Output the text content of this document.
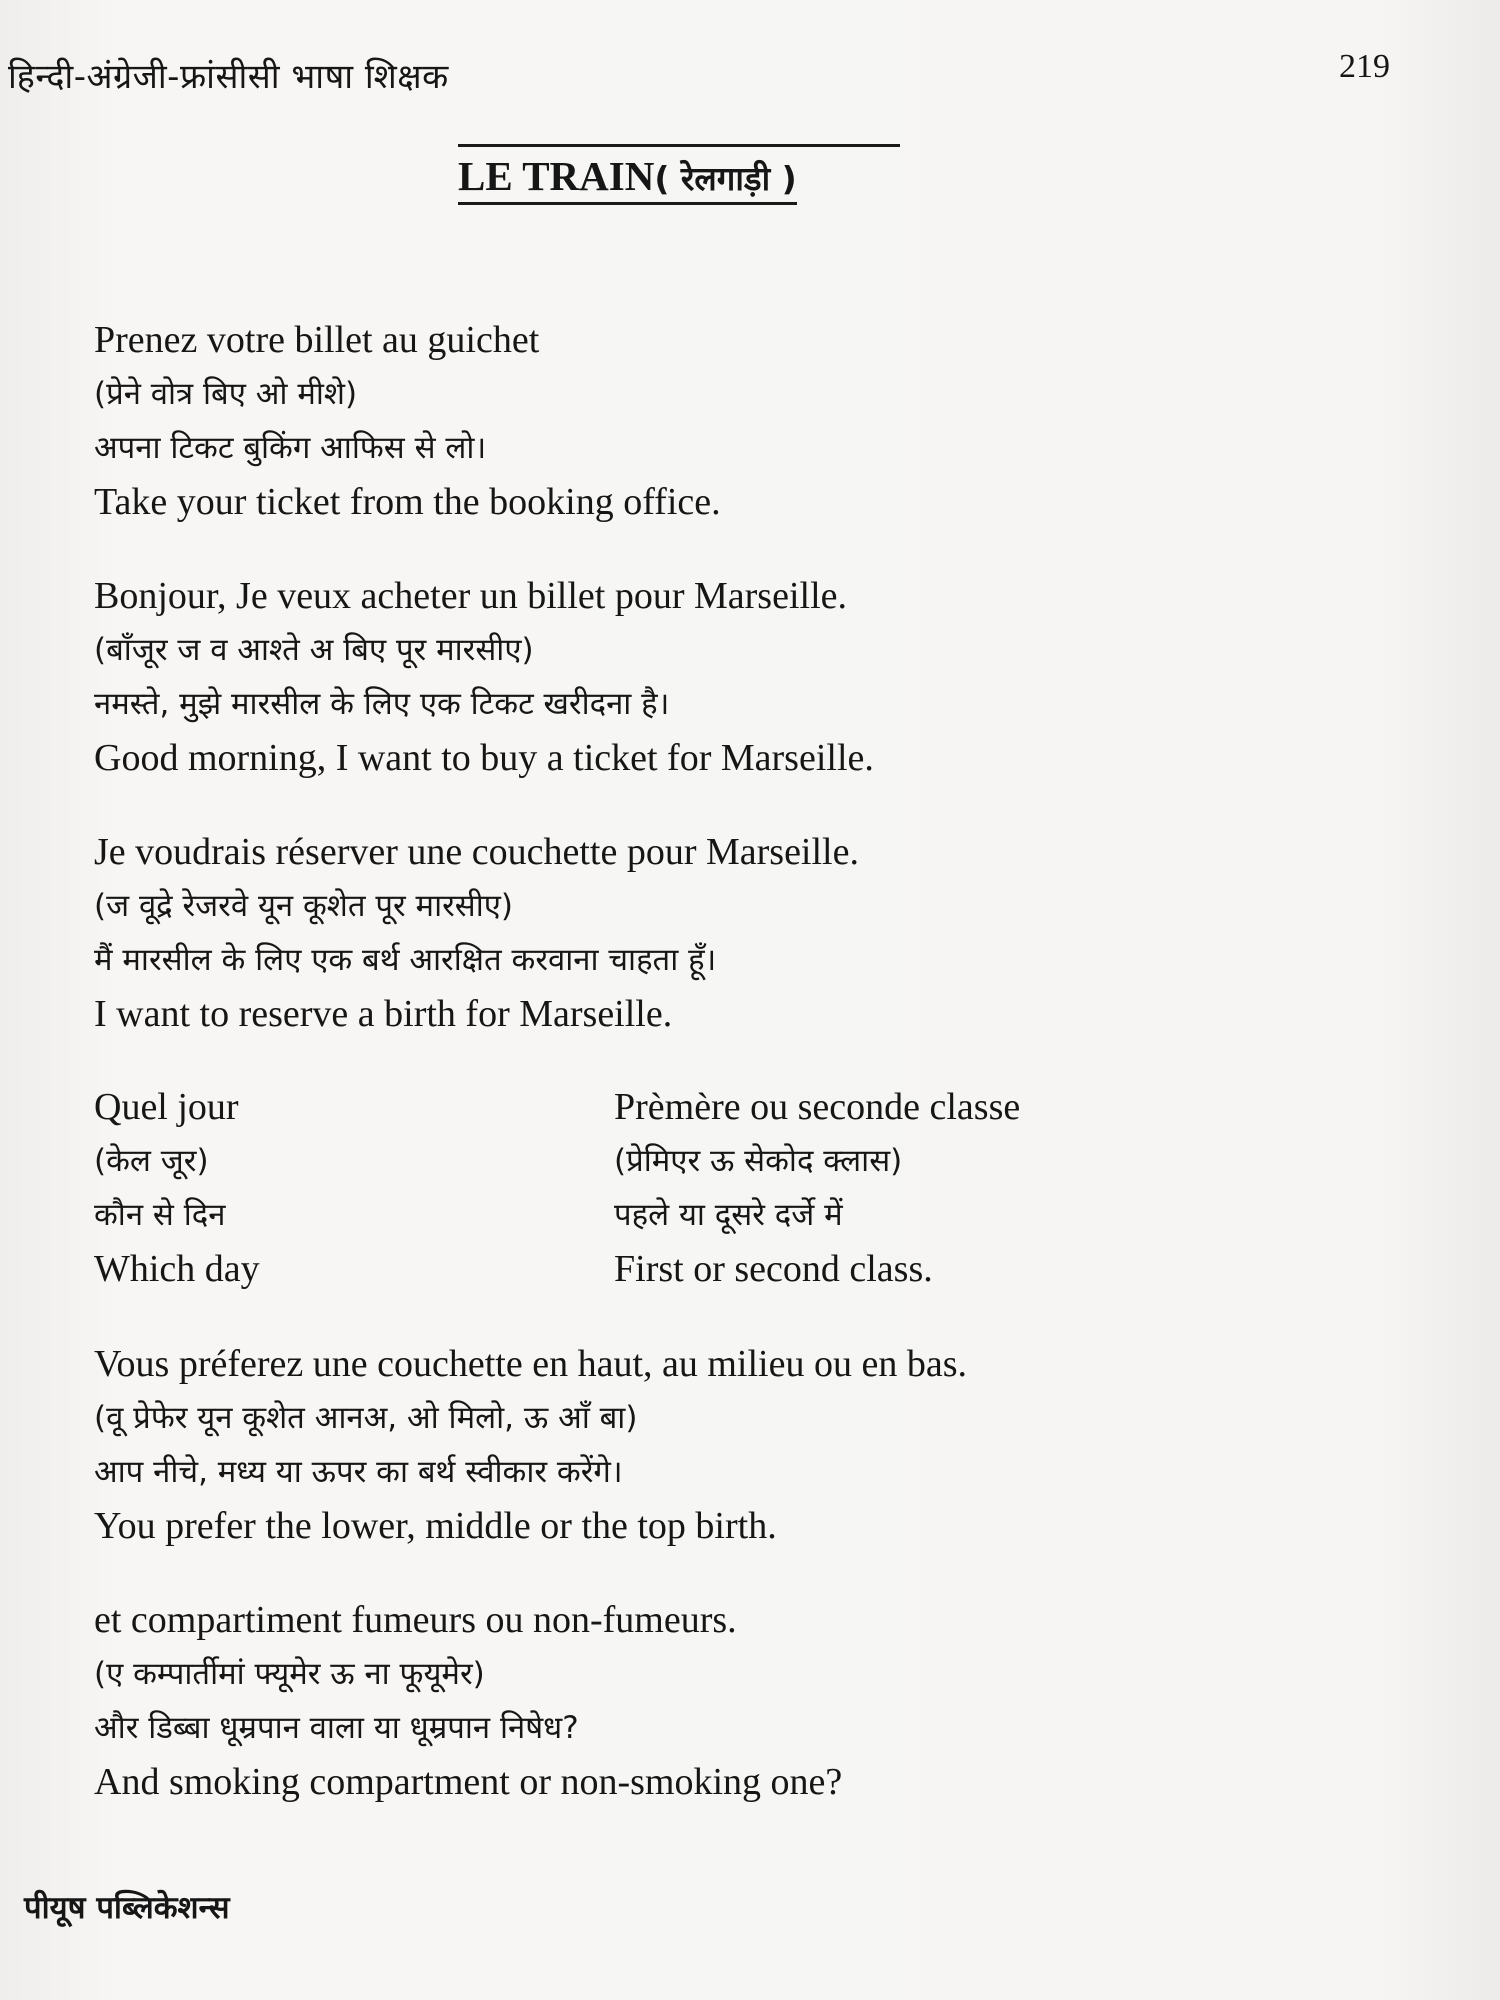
हिन्दी-अंग्रेजी-फ्रांसीसी भाषा शिक्षक	219
LE TRAIN( रेलगाड़ी )
Prenez votre billet au guichet
(प्रेने वोत्र बिए ओ मीशे)
अपना टिकट बुकिंग आफिस से लो।
Take your ticket from the booking office.
Bonjour, Je veux acheter un billet pour Marseille.
(बाँजूर ज व आश्ते अ बिए पूर मारसीए)
नमस्ते, मुझे मारसील के लिए एक टिकट खरीदना है।
Good morning, I want to buy a ticket for Marseille.
Je voudrais réserver une couchette pour Marseille.
(ज वूद्रे रेजरवे यून कूशेत पूर मारसीए)
मैं मारसील के लिए एक बर्थ आरक्षित करवाना चाहता हूँ।
I want to reserve a birth for Marseille.
Quel jour
(केल जूर)
कौन से दिन
Which day
Prèmère ou seconde classe
(प्रेमिएर ऊ सेकोद क्लास)
पहले या दूसरे दर्जे में
First or second class.
Vous préferez une couchette en haut, au milieu ou en bas.
(वू प्रेफेर यून कूशेत आनअ, ओ मिलो, ऊ आँ बा)
आप नीचे, मध्य या ऊपर का बर्थ स्वीकार करेंगे।
You prefer the lower, middle or the top birth.
et compartiment fumeurs ou non-fumeurs.
(ए कम्पार्तीमां फ्यूमेर ऊ ना फूयूमेर)
और डिब्बा धूम्रपान वाला या धूम्रपान निषेध?
And smoking compartment or non-smoking one?
पीयूष पब्लिकेशन्स
